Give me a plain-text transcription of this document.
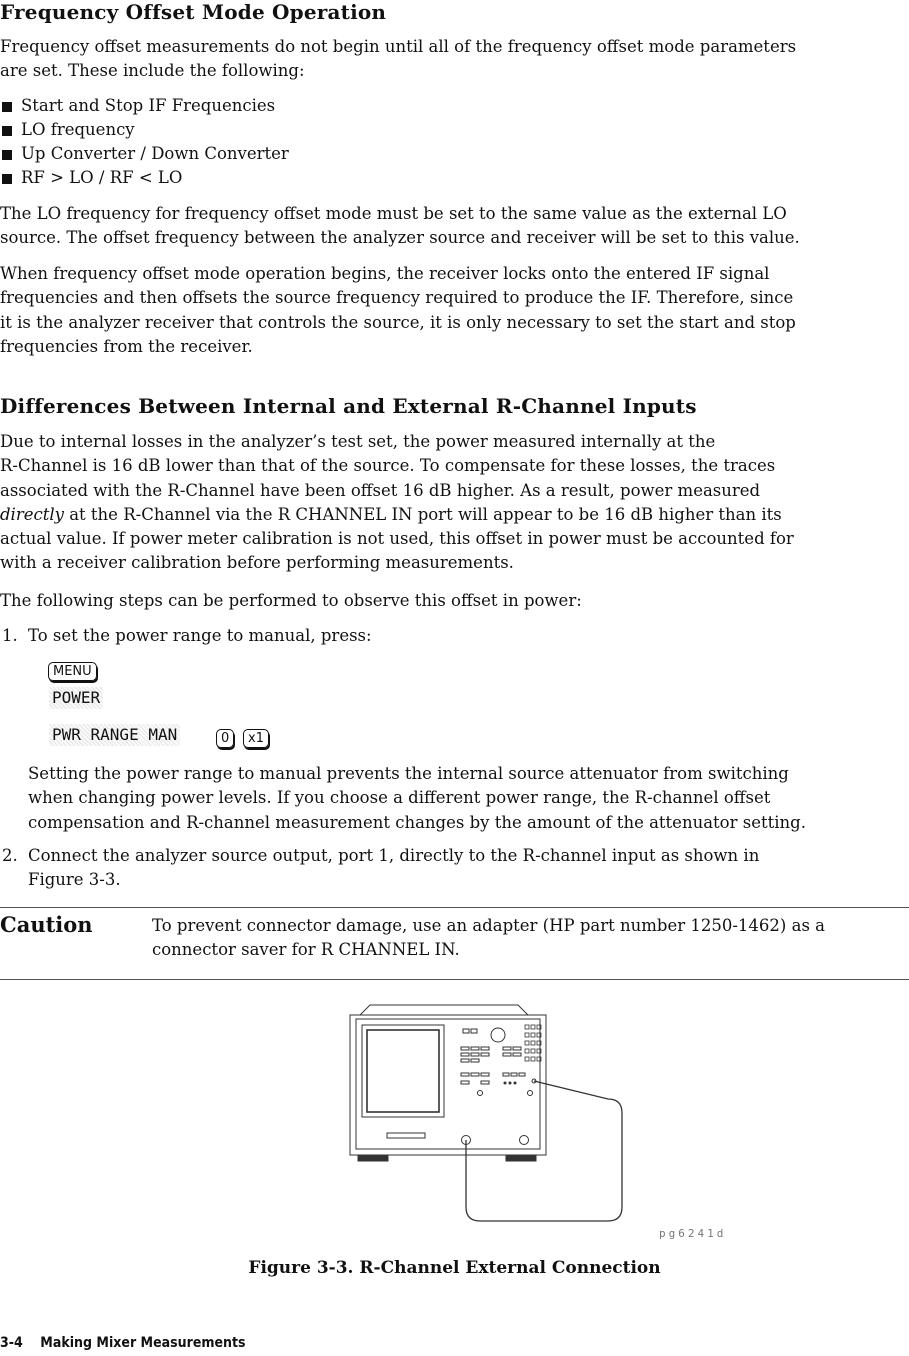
Frequency Offset Mode Operation

Frequency offset measurements do not begin until all of the frequency offset mode parameters
are set. These include the following:

Start and Stop IF Frequencies
LO frequency
Up Converter / Down Converter
RF > LO / RF < LO

The LO frequency for frequency offset mode must be set to the same value as the external LO
source. The offset frequency between the analyzer source and receiver will be set to this value.

When frequency offset mode operation begins, the receiver locks onto the entered IF signal
frequencies and then offsets the source frequency required to produce the IF. Therefore, since
it is the analyzer receiver that controls the source, it is only necessary to set the start and stop
frequencies from the receiver.

Differences Between Internal and External R-Channel Inputs

Due to internal losses in the analyzer’s test set, the power measured internally at the
R-Channel is 16 dB lower than that of the source. To compensate for these losses, the traces
associated with the R-Channel have been offset 16 dB higher. As a result, power measured
directly at the R-Channel via the R CHANNEL IN port will appear to be 16 dB higher than its
actual value. If power meter calibration is not used, this offset in power must be accounted for
with a receiver calibration before performing measurements.

The following steps can be performed to observe this offset in power:

1. To set the power range to manual, press:
MENU
POWER
PWR RANGE MAN	0	x1

Setting the power range to manual prevents the internal source attenuator from switching
when changing power levels. If you choose a different power range, the R-channel offset
compensation and R-channel measurement changes by the amount of the attenuator setting.

2. Connect the analyzer source output, port 1, directly to the R-channel input as shown in
Figure 3-3.

Caution	To prevent connector damage, use an adapter (HP part number 1250-1462) as a
connector saver for R CHANNEL IN.

pg6241d
Figure 3-3. R-Channel External Connection
3-4    Making Mixer Measurements
